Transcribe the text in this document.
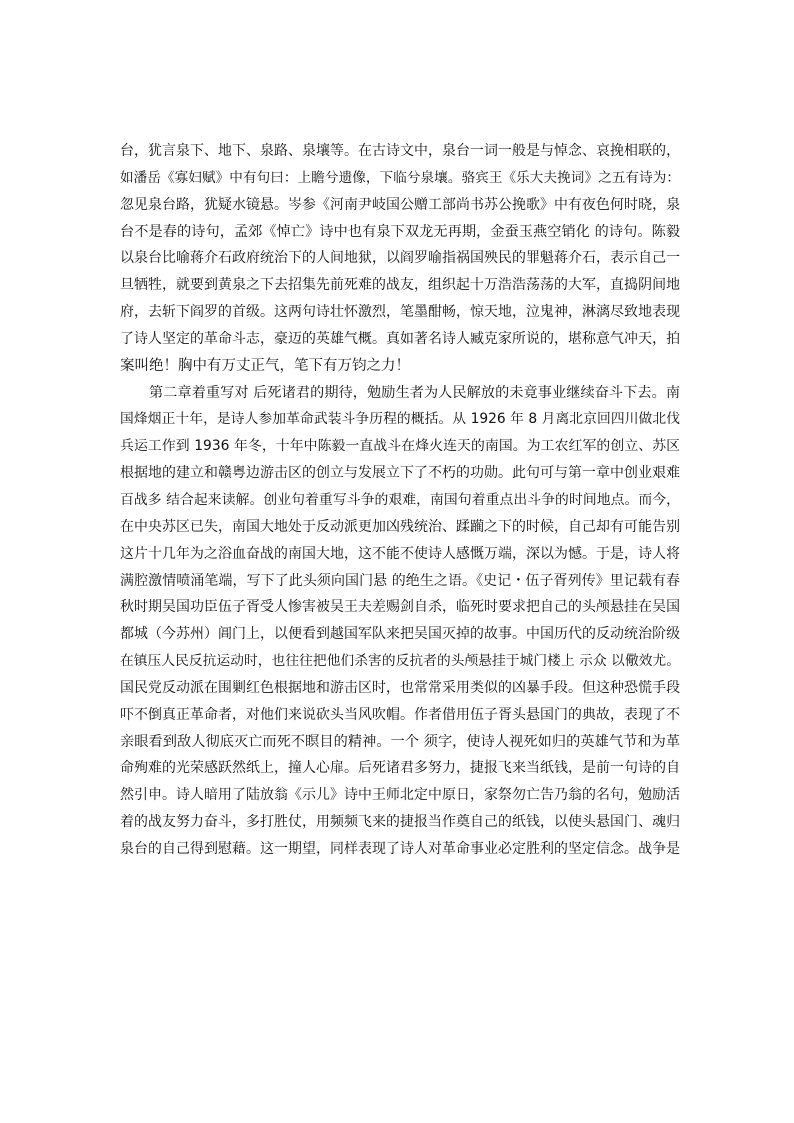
台，犹言泉下、地下、泉路、泉壤等。在古诗文中，泉台一词一般是与悼念、哀挽相联的，
如潘岳《寡妇赋》中有句曰：上瞻兮遗像，下临兮泉壤。骆宾王《乐大夫挽词》之五有诗为：
忽见泉台路，犹疑水镜悬。岑参《河南尹岐国公赠工部尚书苏公挽歌》中有夜色何时晓，泉
台不是春的诗句，孟郊《悼亡》诗中也有泉下双龙无再期，金蚕玉燕空销化 的诗句。陈毅
以泉台比喻蒋介石政府统治下的人间地狱，以阎罗喻指祸国殃民的罪魁蒋介石，表示自己一
旦牺牲，就要到黄泉之下去招集先前死难的战友，组织起十万浩浩荡荡的大军，直捣阴间地
府，去斩下阎罗的首级。这两句诗壮怀激烈，笔墨酣畅，惊天地，泣鬼神，淋漓尽致地表现
了诗人坚定的革命斗志，豪迈的英雄气概。真如著名诗人臧克家所说的，堪称意气冲天，拍
案叫绝！胸中有万丈正气，笔下有万钧之力！
第二章着重写对 后死诸君的期待，勉励生者为人民解放的未竟事业继续奋斗下去。南
国烽烟正十年，是诗人参加革命武装斗争历程的概括。从 1926 年 8 月离北京回四川做北伐
兵运工作到 1936 年冬，十年中陈毅一直战斗在烽火连天的南国。为工农红军的创立、苏区
根据地的建立和赣粤边游击区的创立与发展立下了不朽的功勋。此句可与第一章中创业艰难
百战多 结合起来读解。创业句着重写斗争的艰难，南国句着重点出斗争的时间地点。而今，
在中央苏区已失，南国大地处于反动派更加凶残统治、蹂躏之下的时候，自己却有可能告别
这片十几年为之浴血奋战的南国大地，这不能不使诗人感慨万端，深以为憾。于是，诗人将
满腔激情喷涌笔端，写下了此头须向国门悬 的绝生之语。《史记・伍子胥列传》里记载有春
秋时期吴国功臣伍子胥受人惨害被吴王夫差赐剑自杀，临死时要求把自己的头颅悬挂在吴国
都城（今苏州）阊门上，以便看到越国军队来把吴国灭掉的故事。中国历代的反动统治阶级
在镇压人民反抗运动时，也往往把他们杀害的反抗者的头颅悬挂于城门楼上 示众 以儆效尤。
国民党反动派在围剿红色根据地和游击区时，也常常采用类似的凶暴手段。但这种恐慌手段
吓不倒真正革命者，对他们来说砍头当风吹帽。作者借用伍子胥头悬国门的典故，表现了不
亲眼看到敌人彻底灭亡而死不瞑目的精神。一个 须字，使诗人视死如归的英雄气节和为革
命殉难的光荣感跃然纸上，撞人心扉。后死诸君多努力，捷报飞来当纸钱，是前一句诗的自
然引申。诗人暗用了陆放翁《示儿》诗中王师北定中原日，家祭勿亡告乃翁的名句，勉励活
着的战友努力奋斗，多打胜仗，用频频飞来的捷报当作奠自己的纸钱，以使头悬国门、魂归
泉台的自己得到慰藉。这一期望，同样表现了诗人对革命事业必定胜利的坚定信念。战争是
